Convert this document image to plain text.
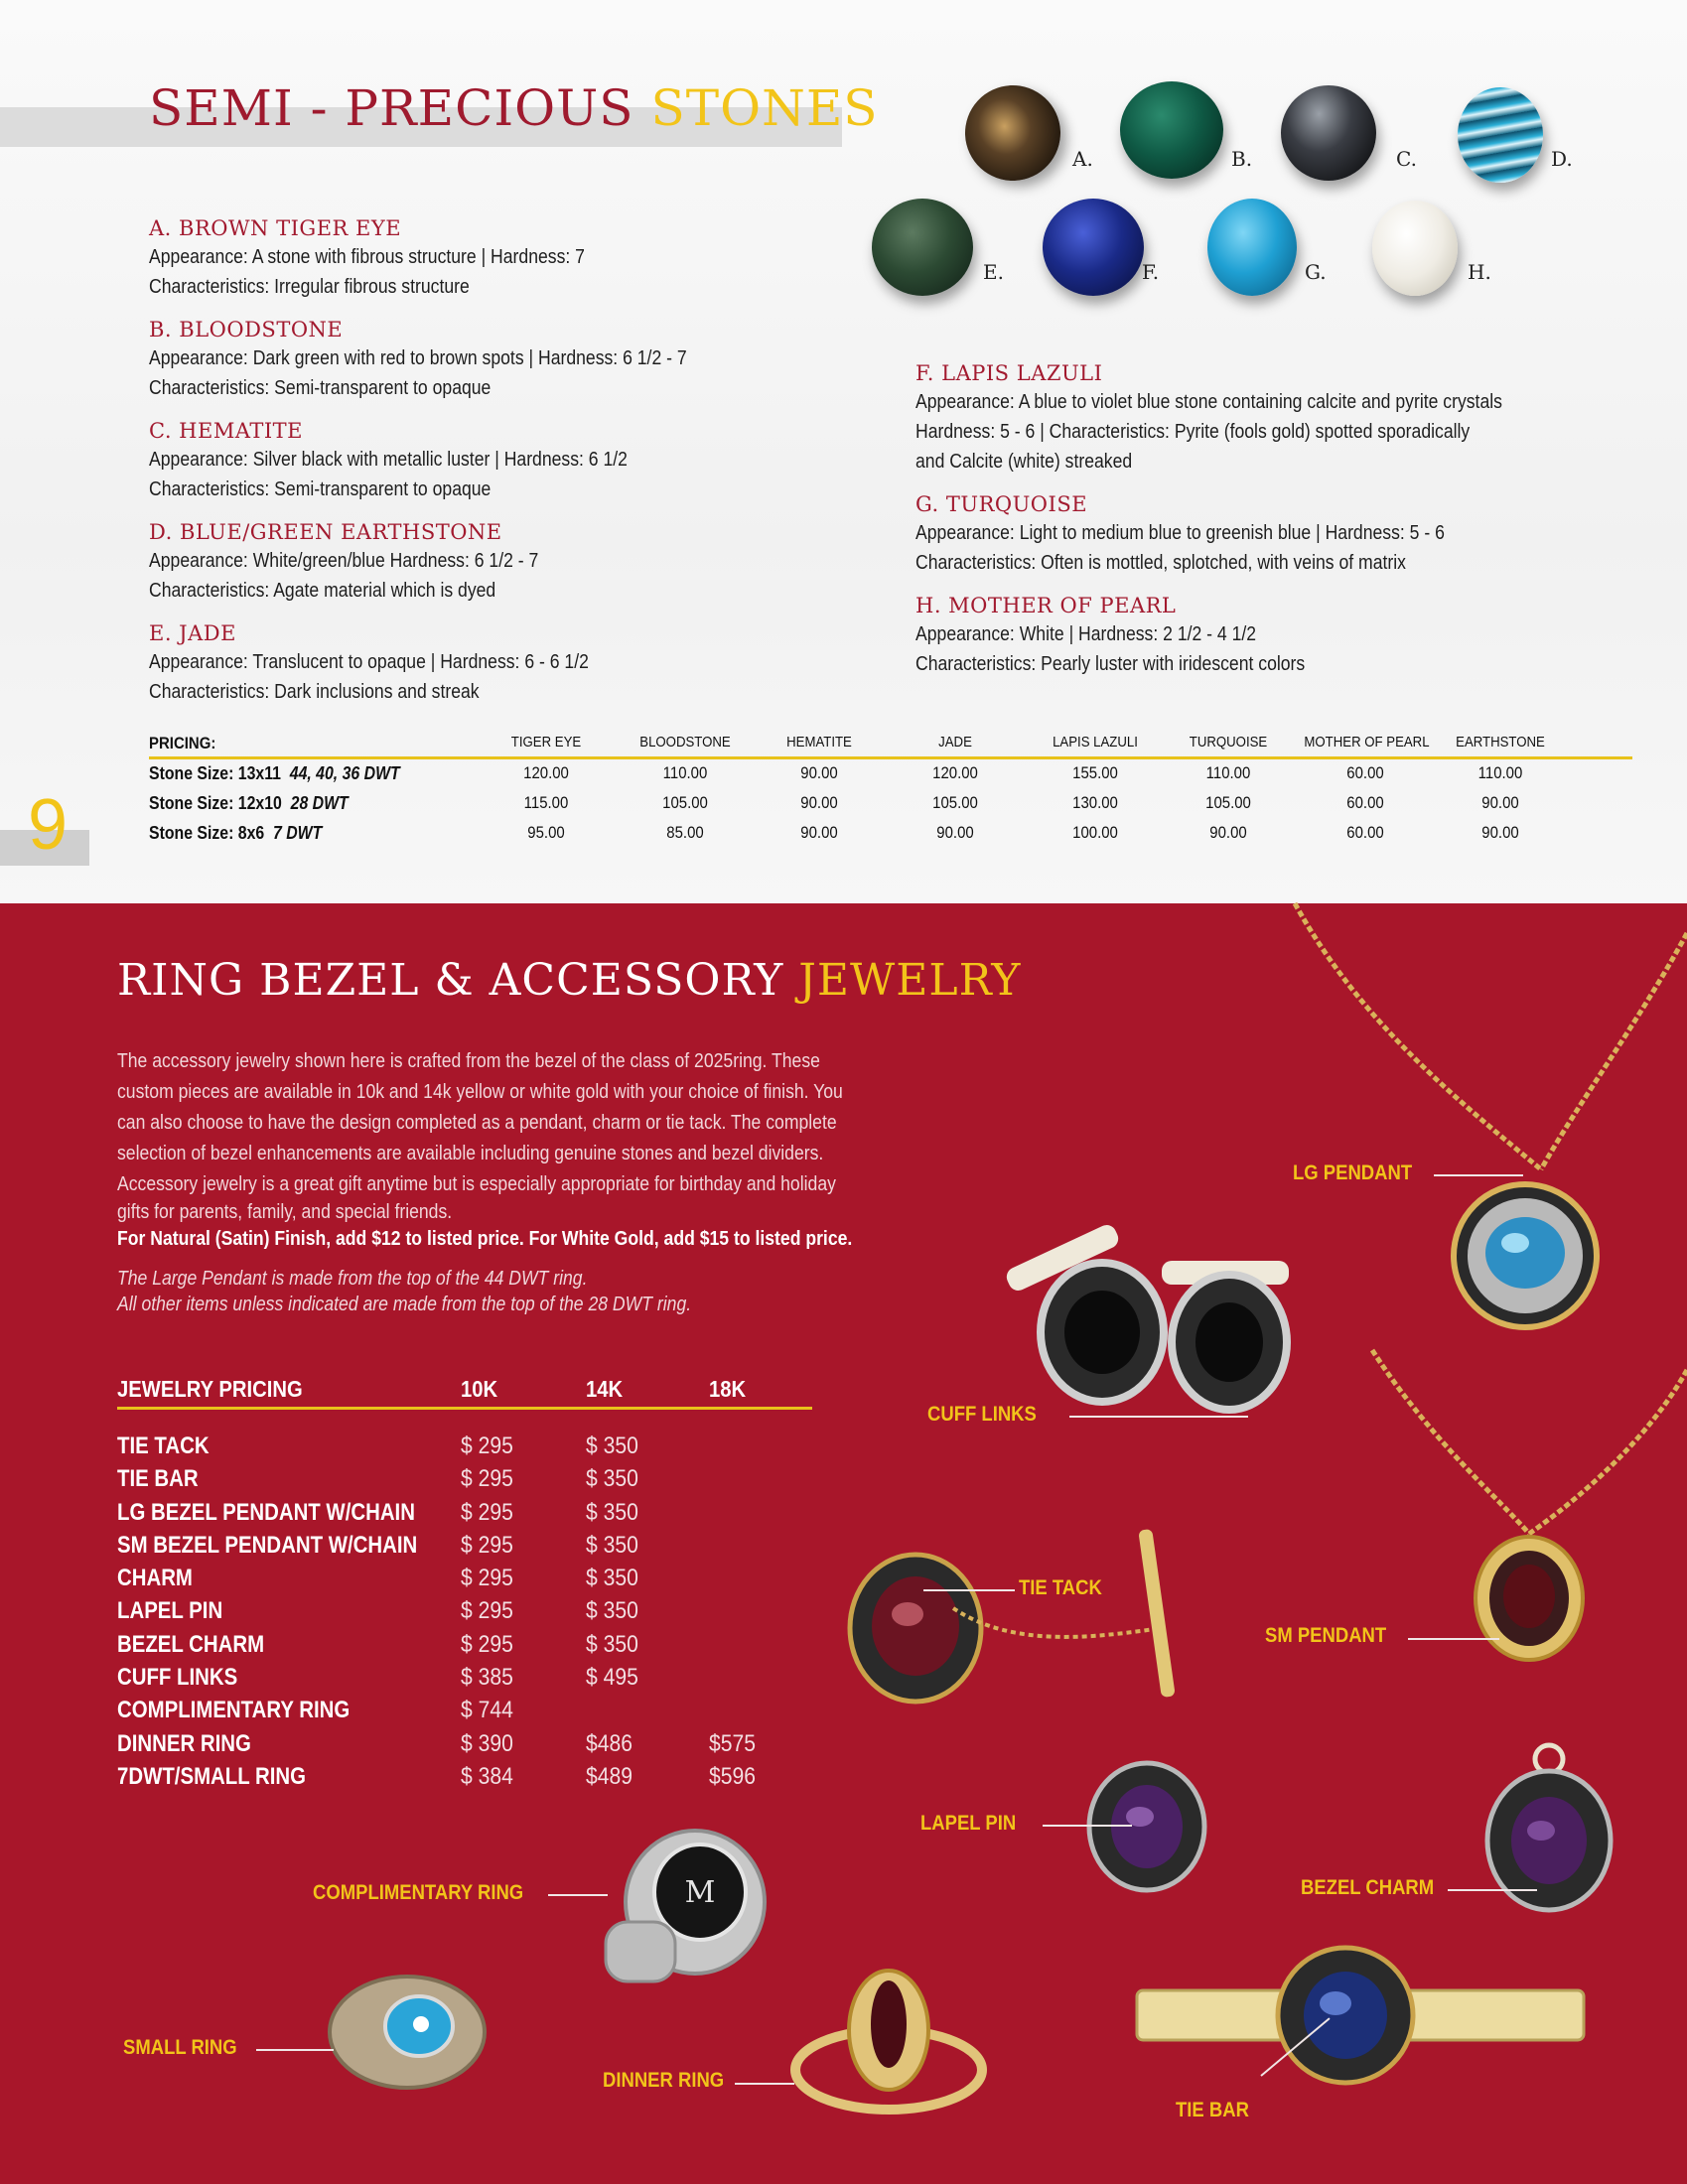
SEMI - PRECIOUS STONES
A.	B.	C.	D.
E.	F.	G.	H.
A. BROWN TIGER EYE
Appearance: A stone with fibrous structure | Hardness: 7
Characteristics: Irregular fibrous structure
B. BLOODSTONE
Appearance: Dark green with red to brown spots | Hardness: 6 1/2 - 7
Characteristics: Semi-transparent to opaque
C. HEMATITE
Appearance: Silver black with metallic luster | Hardness: 6 1/2
Characteristics: Semi-transparent to opaque
D. BLUE/GREEN EARTHSTONE
Appearance: White/green/blue Hardness: 6 1/2 - 7
Characteristics: Agate material which is dyed
E. JADE
Appearance: Translucent to opaque | Hardness: 6 - 6 1/2
Characteristics: Dark inclusions and streak
F. LAPIS LAZULI
Appearance: A blue to violet blue stone containing calcite and pyrite crystals
Hardness: 5 - 6 | Characteristics: Pyrite (fools gold) spotted sporadically
and Calcite (white) streaked
G. TURQUOISE
Appearance: Light to medium blue to greenish blue | Hardness: 5 - 6
Characteristics: Often is mottled, splotched, with veins of matrix
H. MOTHER OF PEARL
Appearance: White | Hardness: 2 1/2 - 4 1/2
Characteristics: Pearly luster with iridescent colors
PRICING:	TIGER EYE	BLOODSTONE	HEMATITE	JADE	LAPIS LAZULI	TURQUOISE	MOTHER OF PEARL	EARTHSTONE
Stone Size: 13x11 44, 40, 36 DWT	120.00	110.00	90.00	120.00	155.00	110.00	60.00	110.00
Stone Size: 12x10 28 DWT	115.00	105.00	90.00	105.00	130.00	105.00	60.00	90.00
Stone Size: 8x6 7 DWT	95.00	85.00	90.00	90.00	100.00	90.00	60.00	90.00
9
RING BEZEL & ACCESSORY JEWELRY
The accessory jewelry shown here is crafted from the bezel of the class of 2025ring. These
custom pieces are available in 10k and 14k yellow or white gold with your choice of finish. You
can also choose to have the design completed as a pendant, charm or tie tack. The complete
selection of bezel enhancements are available including genuine stones and bezel dividers.
Accessory jewelry is a great gift anytime but is especially appropriate for birthday and holiday
gifts for parents, family, and special friends.
For Natural (Satin) Finish, add $12 to listed price. For White Gold, add $15 to listed price.
The Large Pendant is made from the top of the 44 DWT ring.
All other items unless indicated are made from the top of the 28 DWT ring.
JEWELRY PRICING	10K	14K	18K
TIE TACK	$ 295	$ 350
TIE BAR	$ 295	$ 350
LG BEZEL PENDANT W/CHAIN $ 295	$ 350
SM BEZEL PENDANT W/CHAIN $ 295	$ 350
CHARM	$ 295	$ 350
LAPEL PIN	$ 295	$ 350
BEZEL CHARM	$ 295	$ 350
CUFF LINKS	$ 385	$ 495
COMPLIMENTARY RING	$ 744
DINNER RING	$ 390	$486	$575
7DWT/SMALL RING	$ 384	$489	$596
M
LG PENDANT
CUFF LINKS
TIE TACK
SM PENDANT
LAPEL PIN
BEZEL CHARM
COMPLIMENTARY RING
SMALL RING
DINNER RING
TIE BAR
